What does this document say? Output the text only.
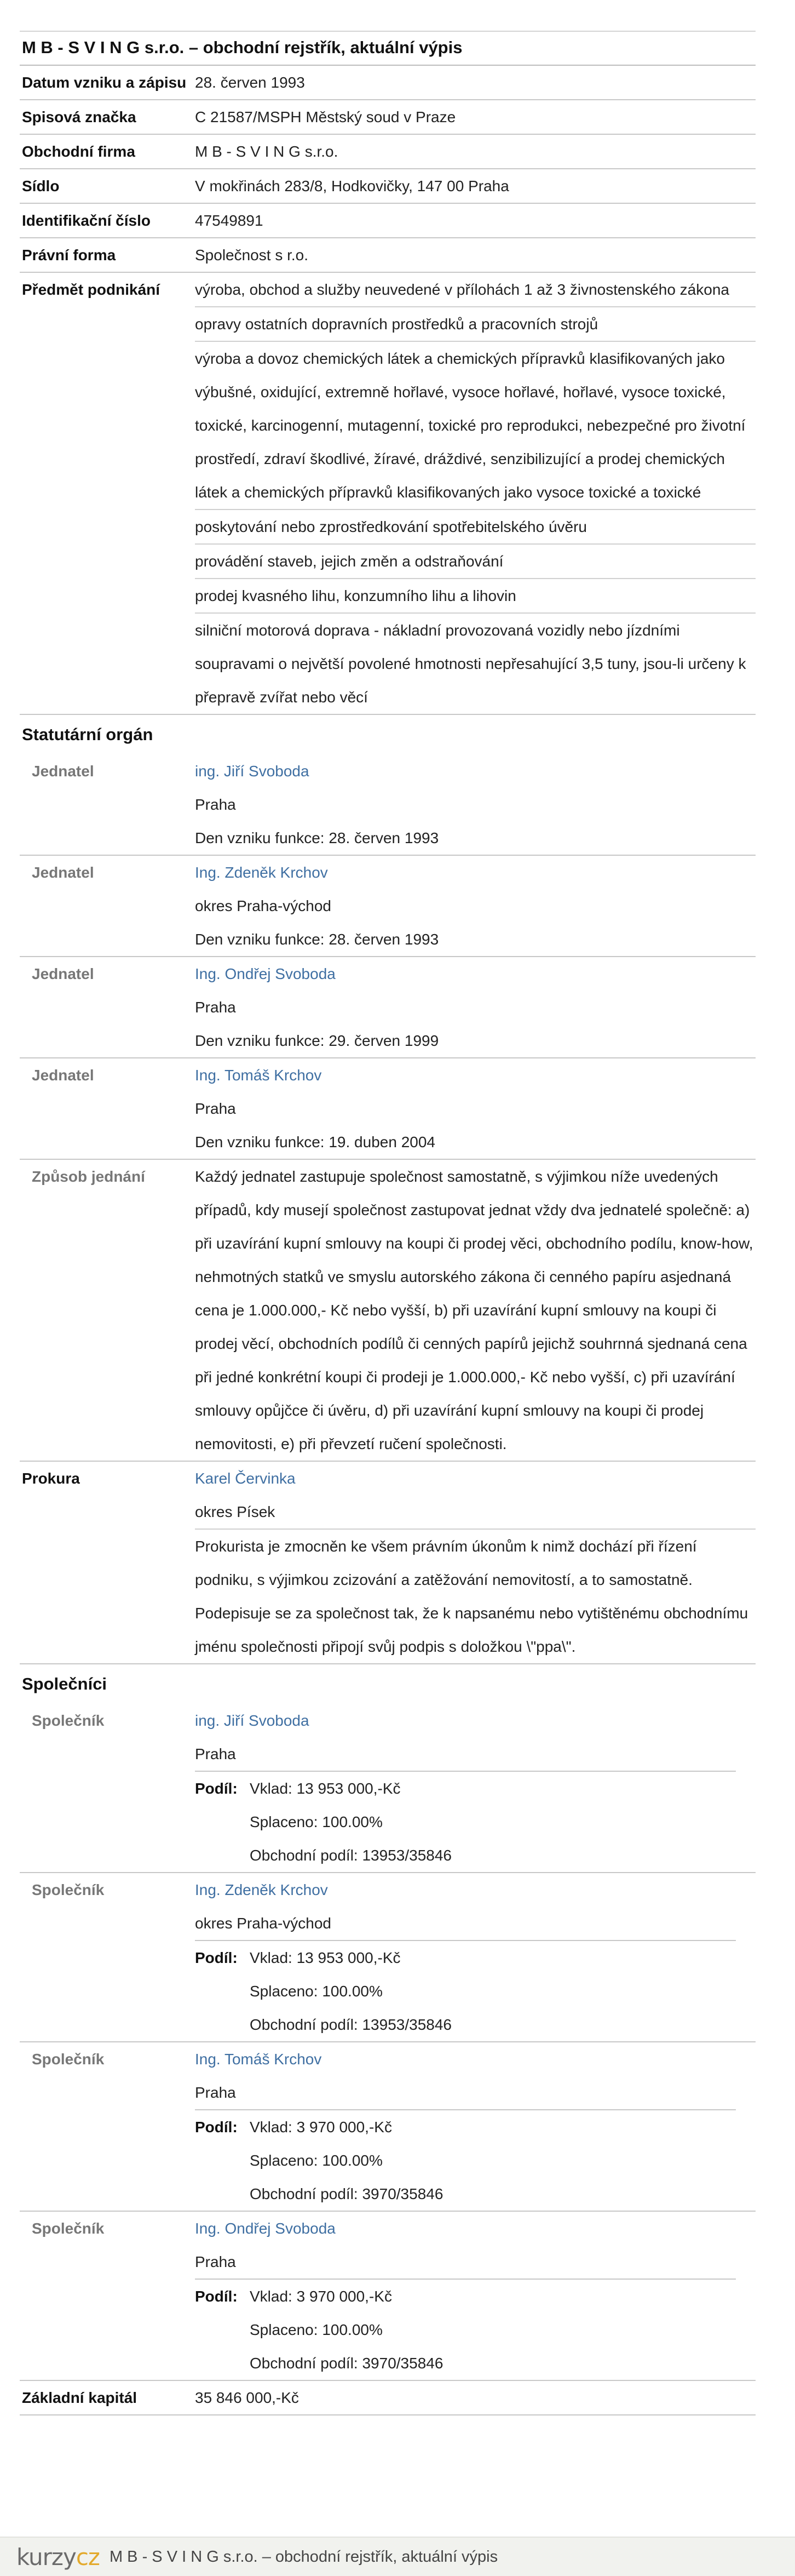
M B - S V I N G s.r.o. – obchodní rejstřík, aktuální výpis
Datum vzniku a zápisu 28. červen 1993
Spisová značka	C 21587/MSPH Městský soud v Praze
Obchodní firma	M B - S V I N G s.r.o.
Sídlo	V mokřinách 283/8, Hodkovičky, 147 00 Praha
Identifikační číslo	47549891
Právní forma	Společnost s r.o.
Předmět podnikání	výroba, obchod a služby neuvedené v přílohách 1 až 3 živnostenského zákona
opravy ostatních dopravních prostředků a pracovních strojů
výroba a dovoz chemických látek a chemických přípravků klasifikovaných jako výbušné, oxidující, extremně hořlavé, vysoce hořlavé, hořlavé, vysoce toxické, toxické, karcinogenní, mutagenní, toxické pro reprodukci, nebezpečné pro životní prostředí, zdraví škodlivé, žíravé, dráždivé, senzibilizující a prodej chemických látek a chemických přípravků klasifikovaných jako vysoce toxické a toxické
poskytování nebo zprostředkování spotřebitelského úvěru
provádění staveb, jejich změn a odstraňování
prodej kvasného lihu, konzumního lihu a lihovin
silniční motorová doprava - nákladní provozovaná vozidly nebo jízdními soupravami o největší povolené hmotnosti nepřesahující 3,5 tuny, jsou-li určeny k přepravě zvířat nebo věcí
Statutární orgán
Jednatel	ing. Jiří Svoboda
Praha
Den vzniku funkce: 28. červen 1993
Jednatel	Ing. Zdeněk Krchov
okres Praha-východ
Den vzniku funkce: 28. červen 1993
Jednatel	Ing. Ondřej Svoboda
Praha
Den vzniku funkce: 29. červen 1999
Jednatel	Ing. Tomáš Krchov
Praha
Den vzniku funkce: 19. duben 2004
Způsob jednání	Každý jednatel zastupuje společnost samostatně, s výjimkou níže uvedených případů, kdy musejí společnost zastupovat jednat vždy dva jednatelé společně: a) při uzavírání kupní smlouvy na koupi či prodej věci, obchodního podílu, know-how, nehmotných statků ve smyslu autorského zákona či cenného papíru asjednaná cena je 1.000.000,- Kč nebo vyšší, b) při uzavírání kupní smlouvy na koupi či prodej věcí, obchodních podílů či cenných papírů jejichž souhrnná sjednaná cena při jedné konkrétní koupi či prodeji je 1.000.000,- Kč nebo vyšší, c) při uzavírání smlouvy opůjčce či úvěru, d) při uzavírání kupní smlouvy na koupi či prodej nemovitosti, e) při převzetí ručení společnosti.
Prokura	Karel Červinka
okres Písek
Prokurista je zmocněn ke všem právním úkonům k nimž dochází při řízení podniku, s výjimkou zcizování a zatěžování nemovitostí, a to samostatně. Podepisuje se za společnost tak, že k napsanému nebo vytištěnému obchodnímu jménu společnosti připojí svůj podpis s doložkou \"ppa\".
Společníci
Společník	ing. Jiří Svoboda
Praha
Podíl: Vklad: 13 953 000,-Kč
Splaceno: 100.00%
Obchodní podíl: 13953/35846
Společník	Ing. Zdeněk Krchov
okres Praha-východ
Podíl: Vklad: 13 953 000,-Kč
Splaceno: 100.00%
Obchodní podíl: 13953/35846
Společník	Ing. Tomáš Krchov
Praha
Podíl: Vklad: 3 970 000,-Kč
Splaceno: 100.00%
Obchodní podíl: 3970/35846
Společník	Ing. Ondřej Svoboda
Praha
Podíl: Vklad: 3 970 000,-Kč
Splaceno: 100.00%
Obchodní podíl: 3970/35846
Základní kapitál	35 846 000,-Kč
kurzy cz M B - S V I N G s.r.o. – obchodní rejstřík, aktuální výpis
